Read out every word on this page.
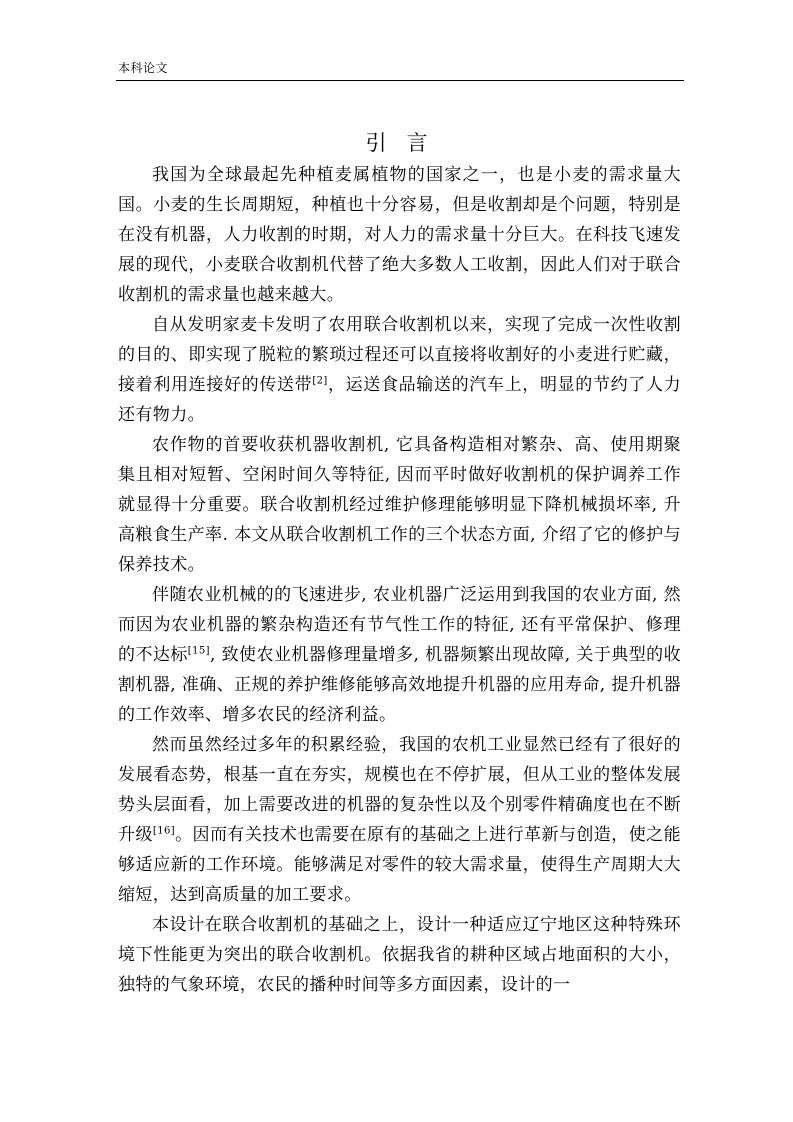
本科论文
引言

我国为全球最起先种植麦属植物的国家之一，也是小麦的需求量大国。小麦的生长周期短，种植也十分容易，但是收割却是个问题，特别是在没有机器，人力收割的时期，对人力的需求量十分巨大。在科技飞速发展的现代，小麦联合收割机代替了绝大多数人工收割，因此人们对于联合收割机的需求量也越来越大。

自从发明家麦卡发明了农用联合收割机以来，实现了完成一次性收割的目的、即实现了脱粒的繁琐过程还可以直接将收割好的小麦进行贮藏，接着利用连接好的传送带[2]，运送食品输送的汽车上，明显的节约了人力还有物力。

农作物的首要收获机器收割机, 它具备构造相对繁杂、高、使用期聚集且相对短暂、空闲时间久等特征, 因而平时做好收割机的保护调养工作就显得十分重要。联合收割机经过维护修理能够明显下降机械损坏率, 升高粮食生产率. 本文从联合收割机工作的三个状态方面, 介绍了它的修护与保养技术。

伴随农业机械的的飞速进步, 农业机器广泛运用到我国的农业方面, 然而因为农业机器的繁杂构造还有节气性工作的特征, 还有平常保护、修理的不达标[15], 致使农业机器修理量增多, 机器频繁出现故障, 关于典型的收割机器, 准确、正规的养护维修能够高效地提升机器的应用寿命, 提升机器的工作效率、增多农民的经济利益。

然而虽然经过多年的积累经验，我国的农机工业显然已经有了很好的发展看态势，根基一直在夯实，规模也在不停扩展，但从工业的整体发展势头层面看，加上需要改进的机器的复杂性以及个别零件精确度也在不断升级[16]。因而有关技术也需要在原有的基础之上进行革新与创造，使之能够适应新的工作环境。能够满足对零件的较大需求量，使得生产周期大大缩短，达到高质量的加工要求。

本设计在联合收割机的基础之上，设计一种适应辽宁地区这种特殊环境下性能更为突出的联合收割机。依据我省的耕种区域占地面积的大小，独特的气象环境，农民的播种时间等多方面因素，设计的一
